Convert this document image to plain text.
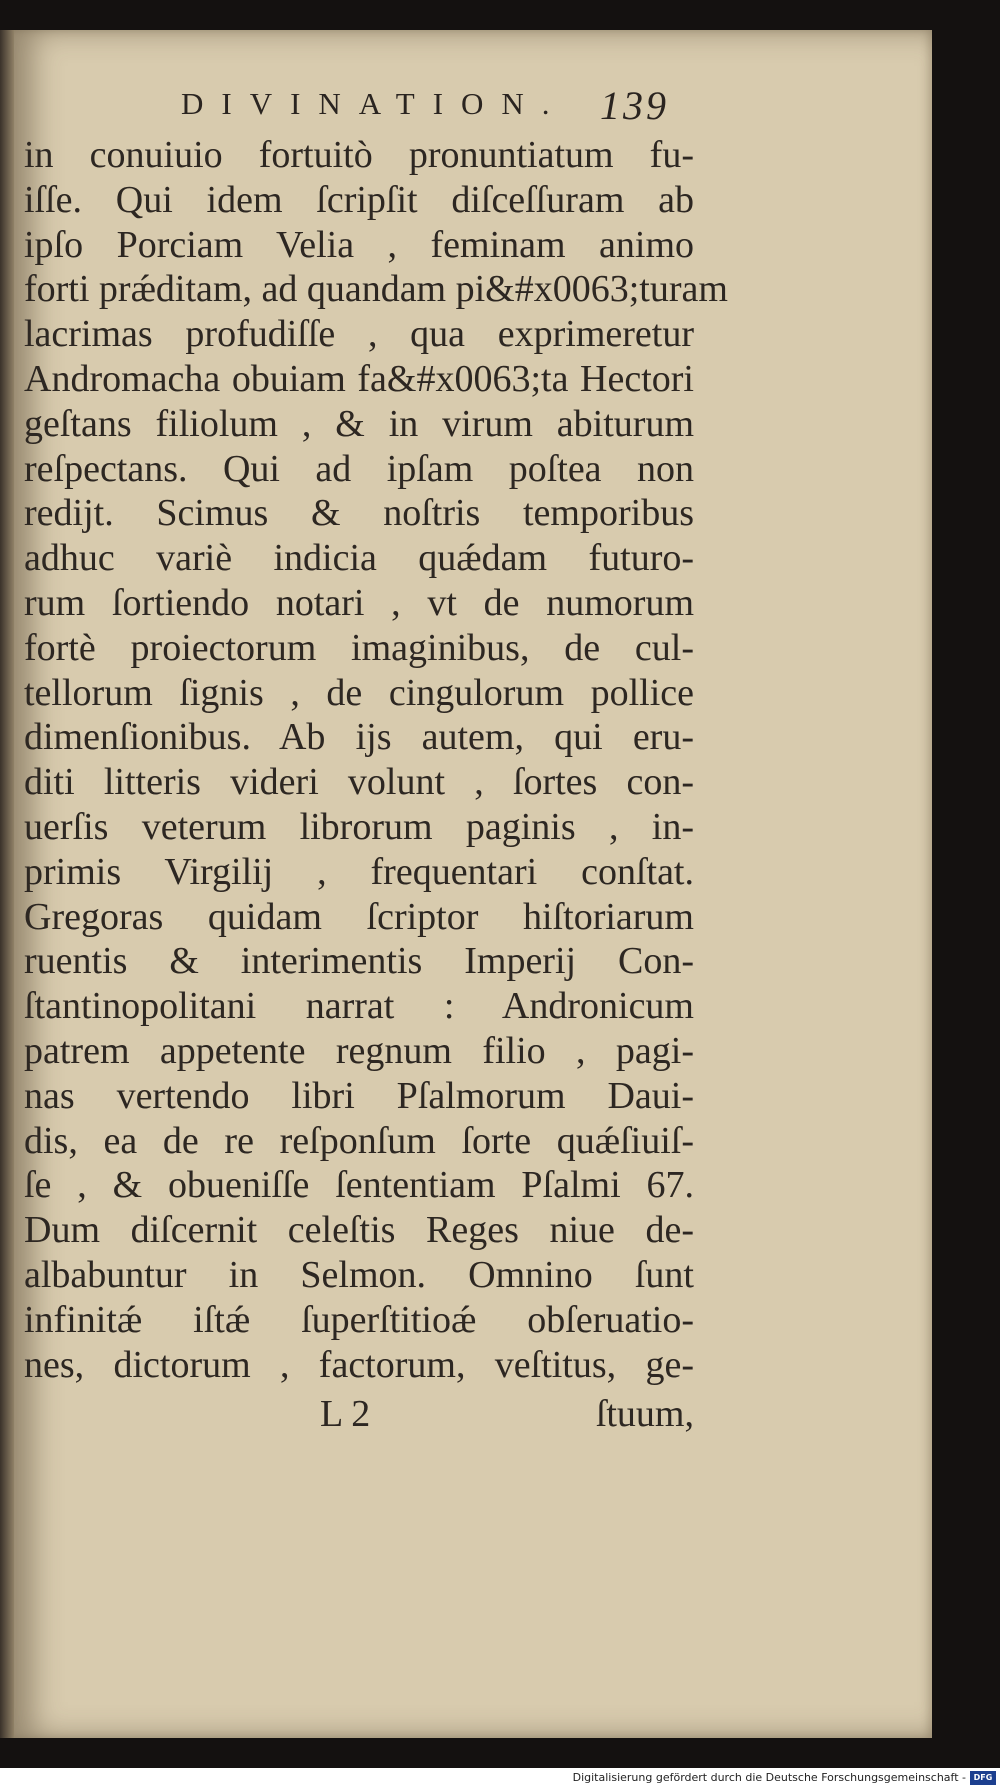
DIVINATION. 139
in conuiuio fortuitò pronuntiatum fu-
iſſe. Qui idem ſcripſit diſceſſuram ab
ipſo Porciam Velia , feminam animo
forti prǽditam, ad quandam pi&#x0063;turam
lacrimas profudiſſe , qua exprimeretur
Andromacha obuiam fa&#x0063;ta Hectori
geſtans filiolum , & in virum abiturum
reſpectans. Qui ad ipſam poſtea non
redijt. Scimus & noſtris temporibus
adhuc variè indicia quǽdam futuro-
rum ſortiendo notari , vt de numorum
fortè proiectorum imaginibus, de cul-
tellorum ſignis , de cingulorum pollice
dimenſionibus. Ab ijs autem, qui eru-
diti litteris videri volunt , ſortes con-
uerſis veterum librorum paginis , in-
primis Virgilij , frequentari conſtat.
Gregoras quidam ſcriptor hiſtoriarum
ruentis & interimentis Imperij Con-
ſtantinopolitani narrat : Andronicum
patrem appetente regnum filio , pagi-
nas vertendo libri Pſalmorum Daui-
dis, ea de re reſponſum ſorte quǽſiuiſ-
ſe , & obueniſſe ſententiam Pſalmi 67.
Dum diſcernit celeſtis Reges niue de-
albabuntur in Selmon. Omnino ſunt
infinitǽ iſtǽ ſuperſtitioǽ obſeruatio-
nes, dictorum , factorum, veſtitus, ge-
L 2	ſtuum,
Digitalisierung gefördert durch die Deutsche Forschungsgemeinschaft - DFG
